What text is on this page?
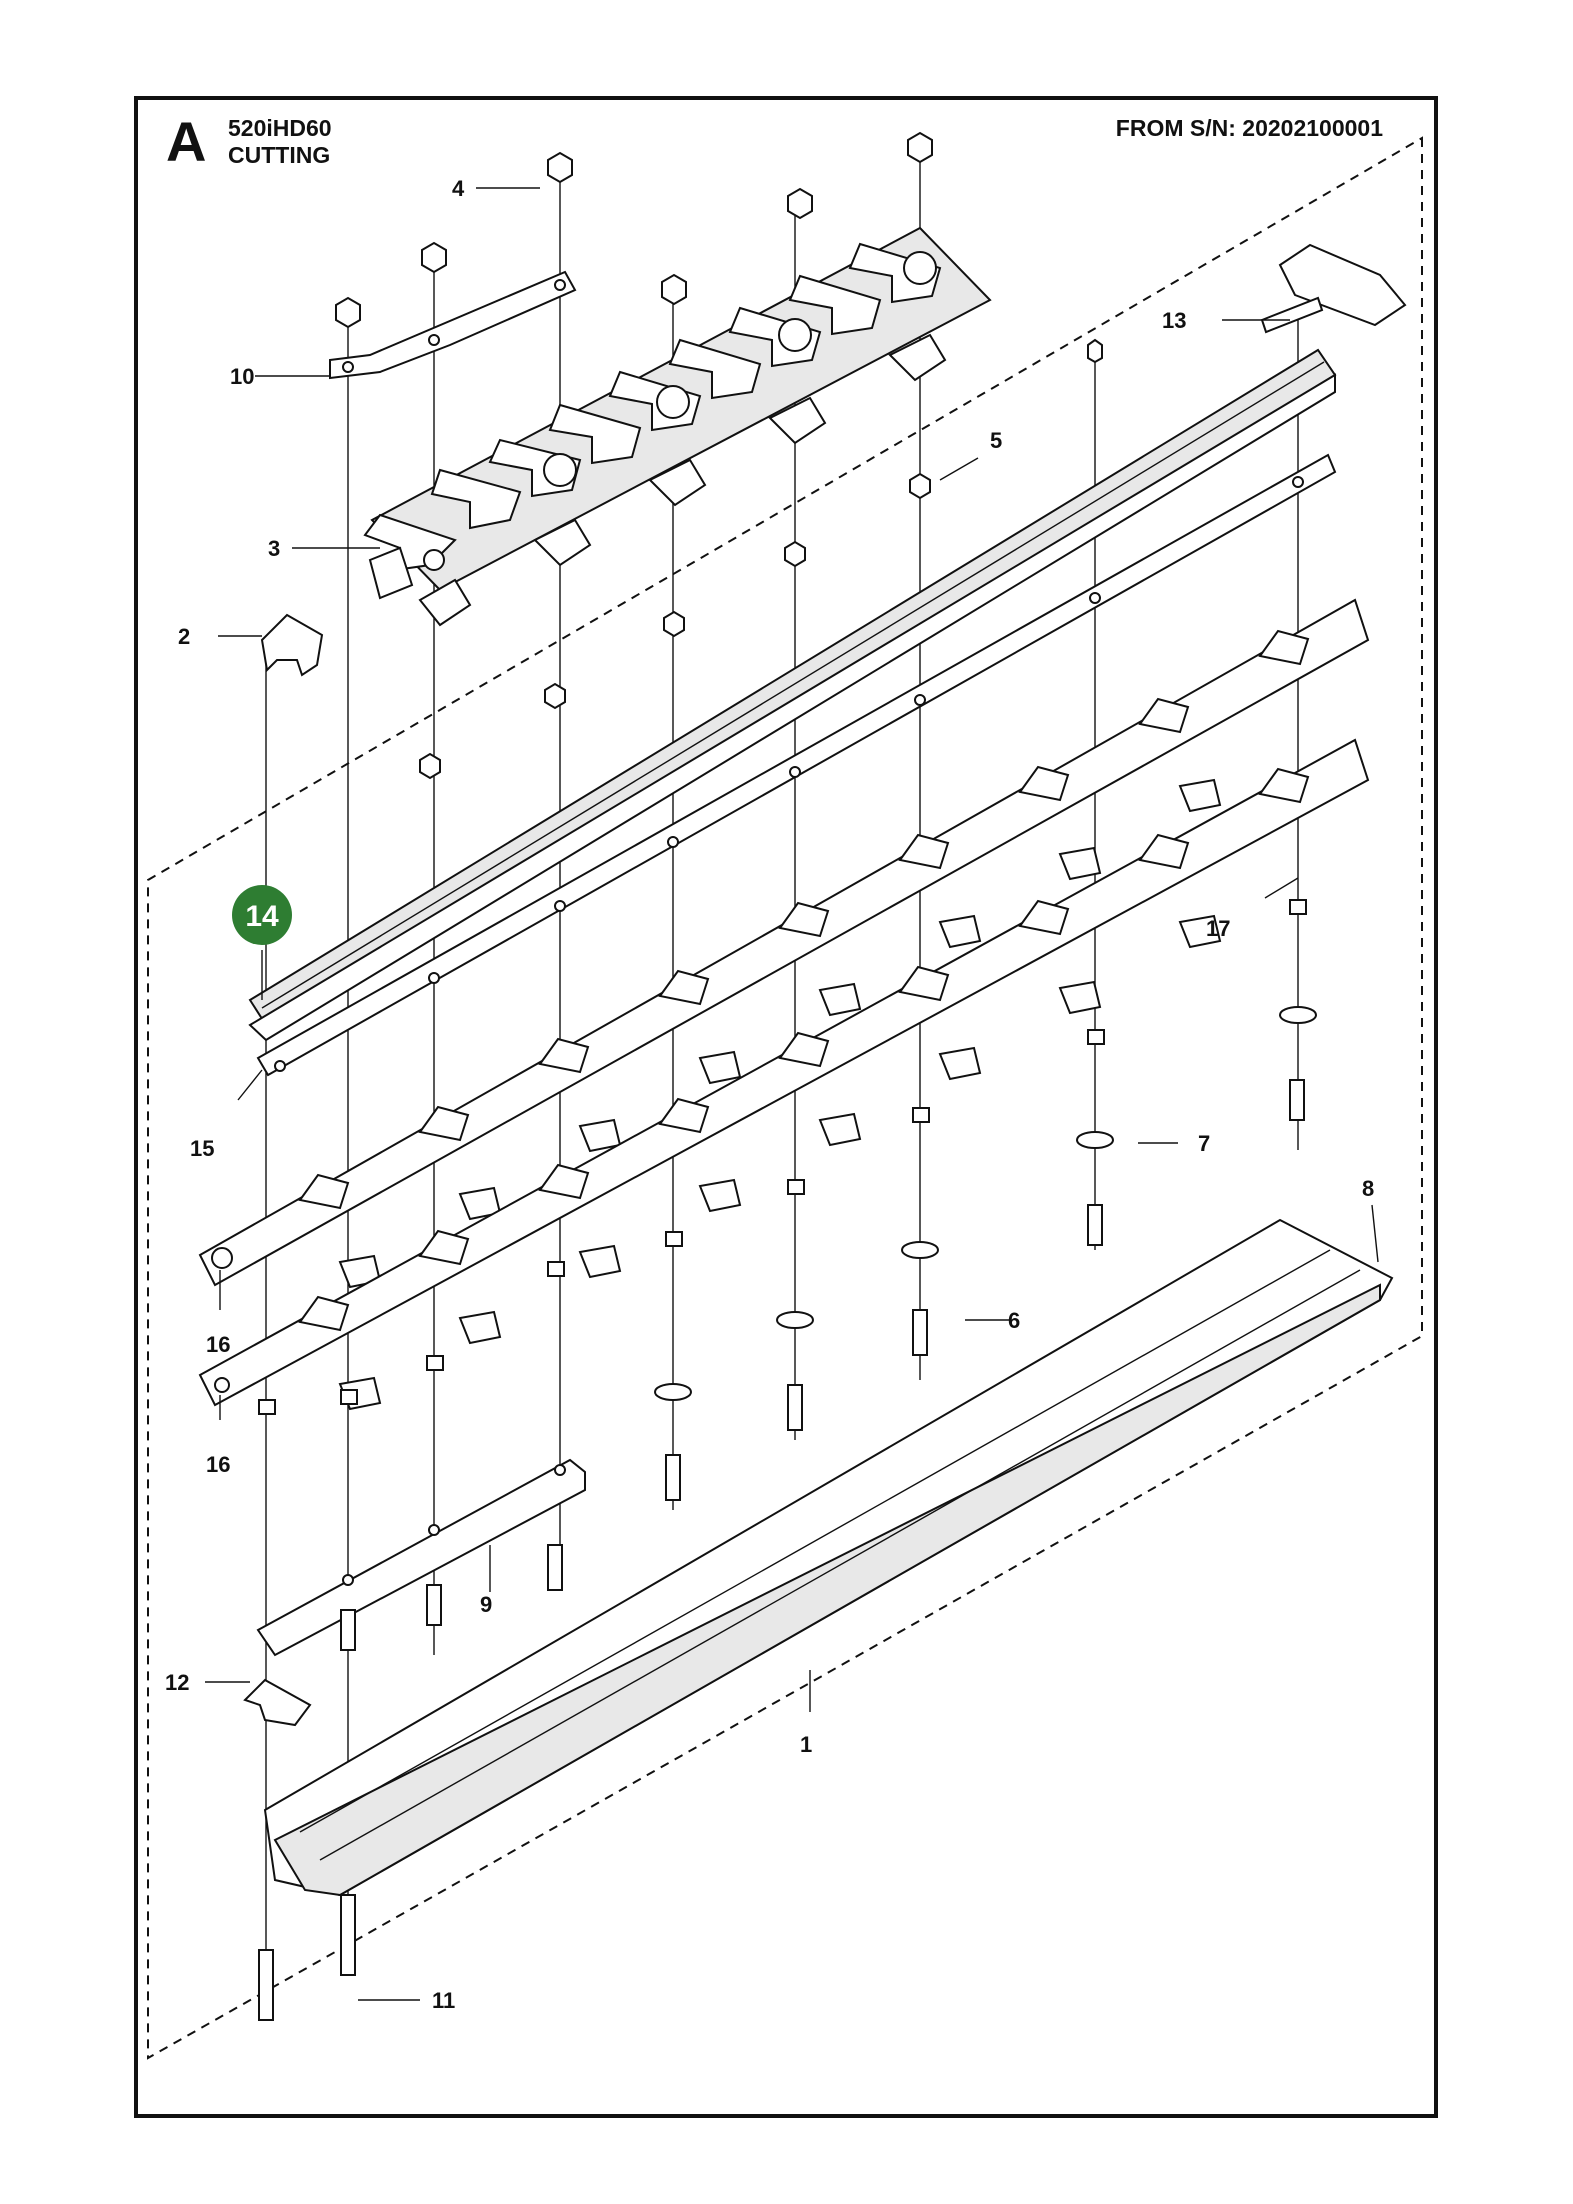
A 520iHD60
CUTTING
FROM S/N: 20202100001
1
2
3
4
5
6
7
8
9
10
11
12
13
15
16
16
17
14
